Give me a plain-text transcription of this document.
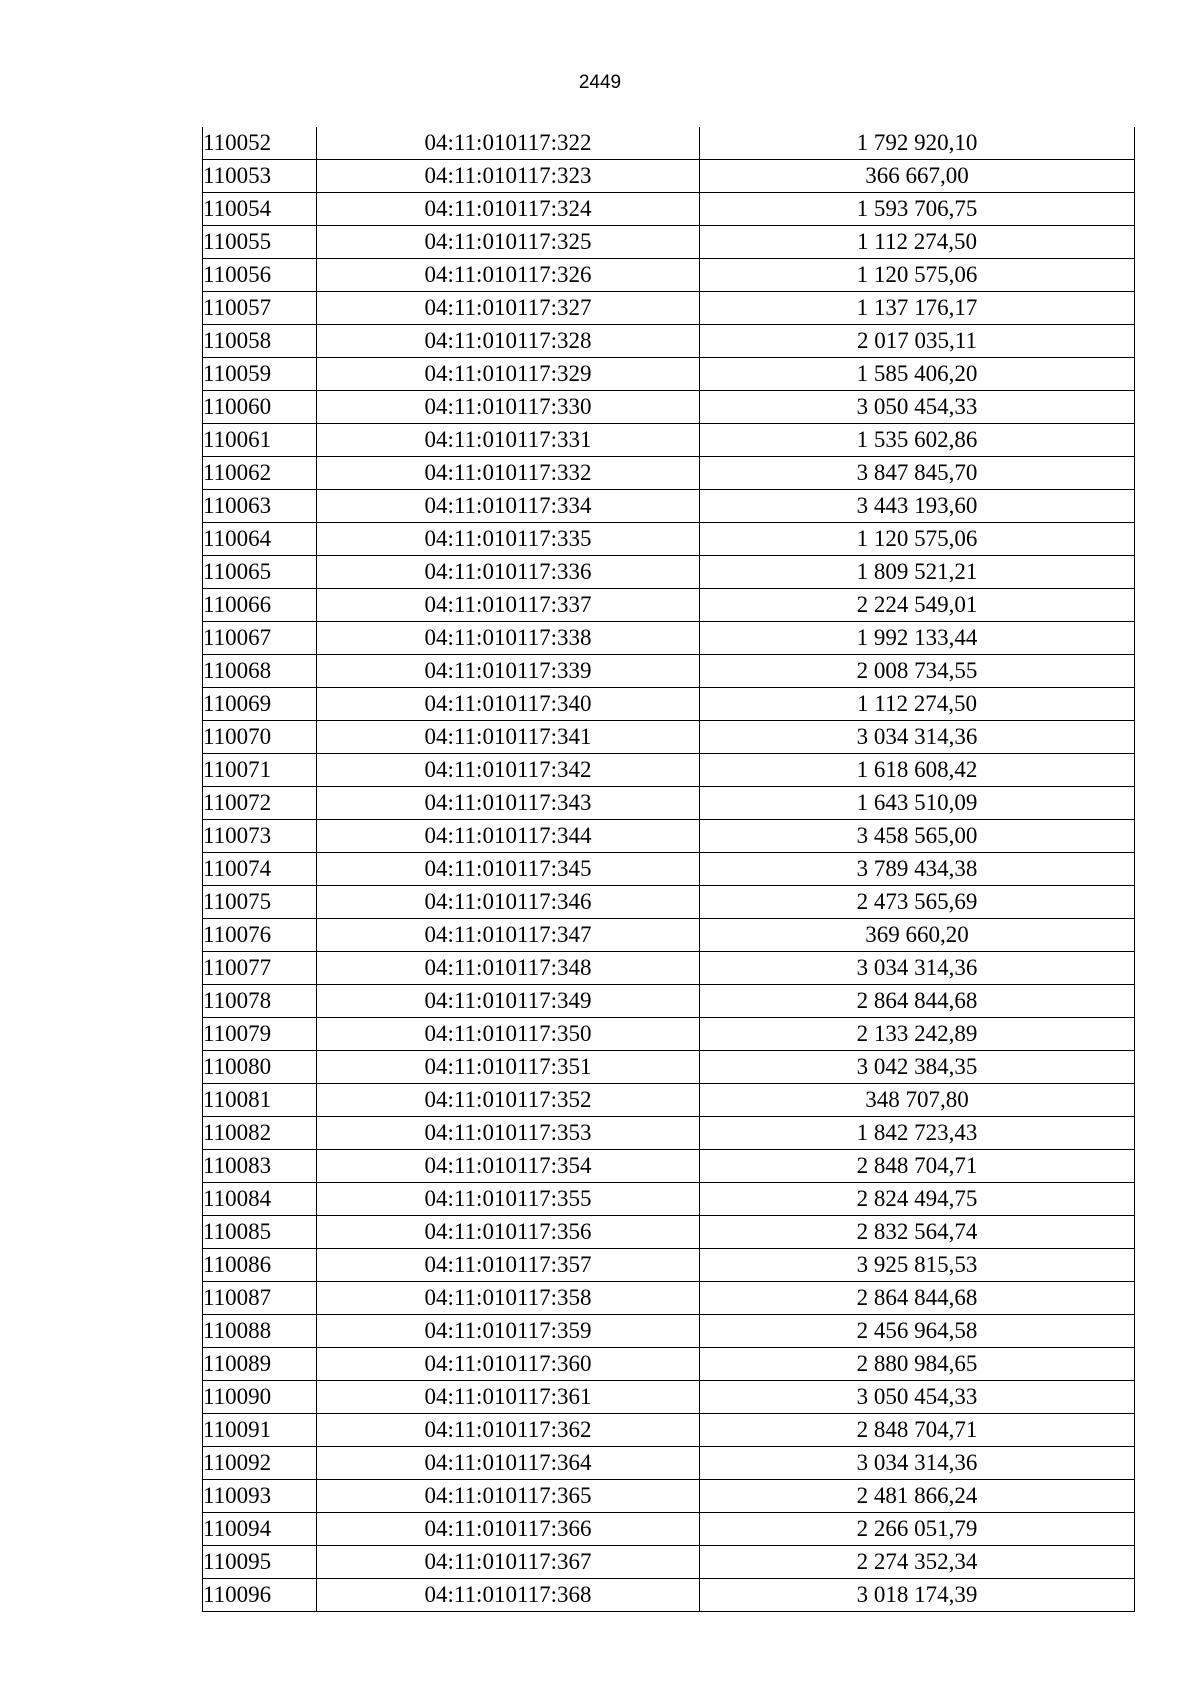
2449
110052	04:11:010117:322	1 792 920,10
110053	04:11:010117:323	366 667,00
110054	04:11:010117:324	1 593 706,75
110055	04:11:010117:325	1 112 274,50
110056	04:11:010117:326	1 120 575,06
110057	04:11:010117:327	1 137 176,17
110058	04:11:010117:328	2 017 035,11
110059	04:11:010117:329	1 585 406,20
110060	04:11:010117:330	3 050 454,33
110061	04:11:010117:331	1 535 602,86
110062	04:11:010117:332	3 847 845,70
110063	04:11:010117:334	3 443 193,60
110064	04:11:010117:335	1 120 575,06
110065	04:11:010117:336	1 809 521,21
110066	04:11:010117:337	2 224 549,01
110067	04:11:010117:338	1 992 133,44
110068	04:11:010117:339	2 008 734,55
110069	04:11:010117:340	1 112 274,50
110070	04:11:010117:341	3 034 314,36
110071	04:11:010117:342	1 618 608,42
110072	04:11:010117:343	1 643 510,09
110073	04:11:010117:344	3 458 565,00
110074	04:11:010117:345	3 789 434,38
110075	04:11:010117:346	2 473 565,69
110076	04:11:010117:347	369 660,20
110077	04:11:010117:348	3 034 314,36
110078	04:11:010117:349	2 864 844,68
110079	04:11:010117:350	2 133 242,89
110080	04:11:010117:351	3 042 384,35
110081	04:11:010117:352	348 707,80
110082	04:11:010117:353	1 842 723,43
110083	04:11:010117:354	2 848 704,71
110084	04:11:010117:355	2 824 494,75
110085	04:11:010117:356	2 832 564,74
110086	04:11:010117:357	3 925 815,53
110087	04:11:010117:358	2 864 844,68
110088	04:11:010117:359	2 456 964,58
110089	04:11:010117:360	2 880 984,65
110090	04:11:010117:361	3 050 454,33
110091	04:11:010117:362	2 848 704,71
110092	04:11:010117:364	3 034 314,36
110093	04:11:010117:365	2 481 866,24
110094	04:11:010117:366	2 266 051,79
110095	04:11:010117:367	2 274 352,34
110096	04:11:010117:368	3 018 174,39
